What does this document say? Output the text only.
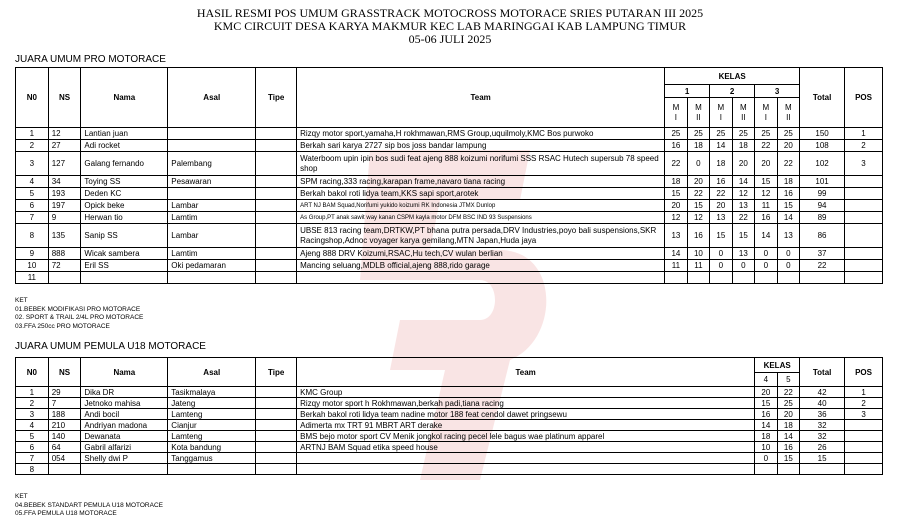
HASIL RESMI POS UMUM GRASSTRACK MOTOCROSS MOTORACE SRIES PUTARAN III 2025
KMC CIRCUIT DESA KARYA MAKMUR KEC LAB MARINGGAI KAB LAMPUNG TIMUR
05-06 JULI 2025
JUARA UMUM PRO MOTORACE
N0	NS	Nama	Asal	Tipe	Team	KELAS						Total	POS
						1		2		3			
						M I	M II	M I	M II	M I	M II		
1	12	Lantian juan			Rizqy motor sport,yamaha,H rokhmawan,RMS Group,uquilmoly,KMC Bos purwoko	25	25	25	25	25	25	150	1
2	27	Adi rocket			Berkah sari karya 2727 sip bos joss bandar lampung	16	18	14	18	22	20	108	2
3	127	Galang fernando	Palembang		Waterboom upin ipin bos sudi feat ajeng 888 koizumi norifumi SSS RSAC Hutech supersub 78 speed shop	22	0	18	20	20	22	102	3
4	34	Toying SS	Pesawaran		SPM racing,333 racing,karapan frame,navaro tiana racing	18	20	16	14	15	18	101	
5	193	Deden KC			Berkah bakol roti lidya team,KKS sapi sport,arotek	15	22	22	12	12	16	99	
6	197	Opick beke	Lambar		ART NJ BAM Squad,Norifumi yukido koizumi RK Indonesia JTMX Dunlop	20	15	20	13	11	15	94	
7	9	Herwan tio	Lamtim		As Group,PT anak sawit way kanan CSPM kayla motor DFM BSC IND 93 Suspensions	12	12	13	22	16	14	89	
8	135	Sanip SS	Lambar		UBSE 813 racing team,DRTKW,PT bhana putra persada,DRV Industries,poyo bali suspensions,SKR Racingshop,Adnoc voyager karya gemilang,MTN Japan,Huda jaya	13	16	15	15	14	13	86	
9	888	Wicak sambera	Lamtim		Ajeng 888 DRV Koizumi,RSAC,Hu tech,CV wulan berlian	14	10	0	13	0	0	37	
10	72	Eril SS	Oki pedamaran		Mancing seluang,MDLB official,ajeng 888,rido garage	11	11	0	0	0	0	22	
11													
KET
01.BEBEK MODIFIKASI PRO MOTORACE
02. SPORT & TRAIL 2/4L PRO MOTORACE
03.FFA 250cc PRO MOTORACE
JUARA UMUM PEMULA U18 MOTORACE
N0	NS	Nama	Asal	Tipe	Team	KELAS		Total	POS
						4	5		
1	29	Dika DR	Tasikmalaya		KMC Group	20	22	42	1
2	7	Jetnoko mahisa	Jateng		Rizqy motor sport h Rokhmawan,berkah padi,tiana racing	15	25	40	2
3	188	Andi bocil	Lamteng		Berkah bakol roti lidya team nadine motor 188 feat cendol dawet pringsewu	16	20	36	3
4	210	Andriyan madona	Cianjur		Adimerta mx TRT 91 MBRT ART derake	14	18	32	
5	140	Dewanata	Lamteng		BMS bejo motor sport CV Menik jongkol racing pecel lele bagus wae platinum apparel	18	14	32	
6	64	Gabril alfarizi	Kota bandung		ARTNJ BAM Squad etika speed house	10	16	26	
7	054	Shelly dwi P	Tanggamus			0	15	15	
8									
KET
04.BEBEK STANDART PEMULA U18 MOTORACE
05.FFA PEMULA U18 MOTORACE
